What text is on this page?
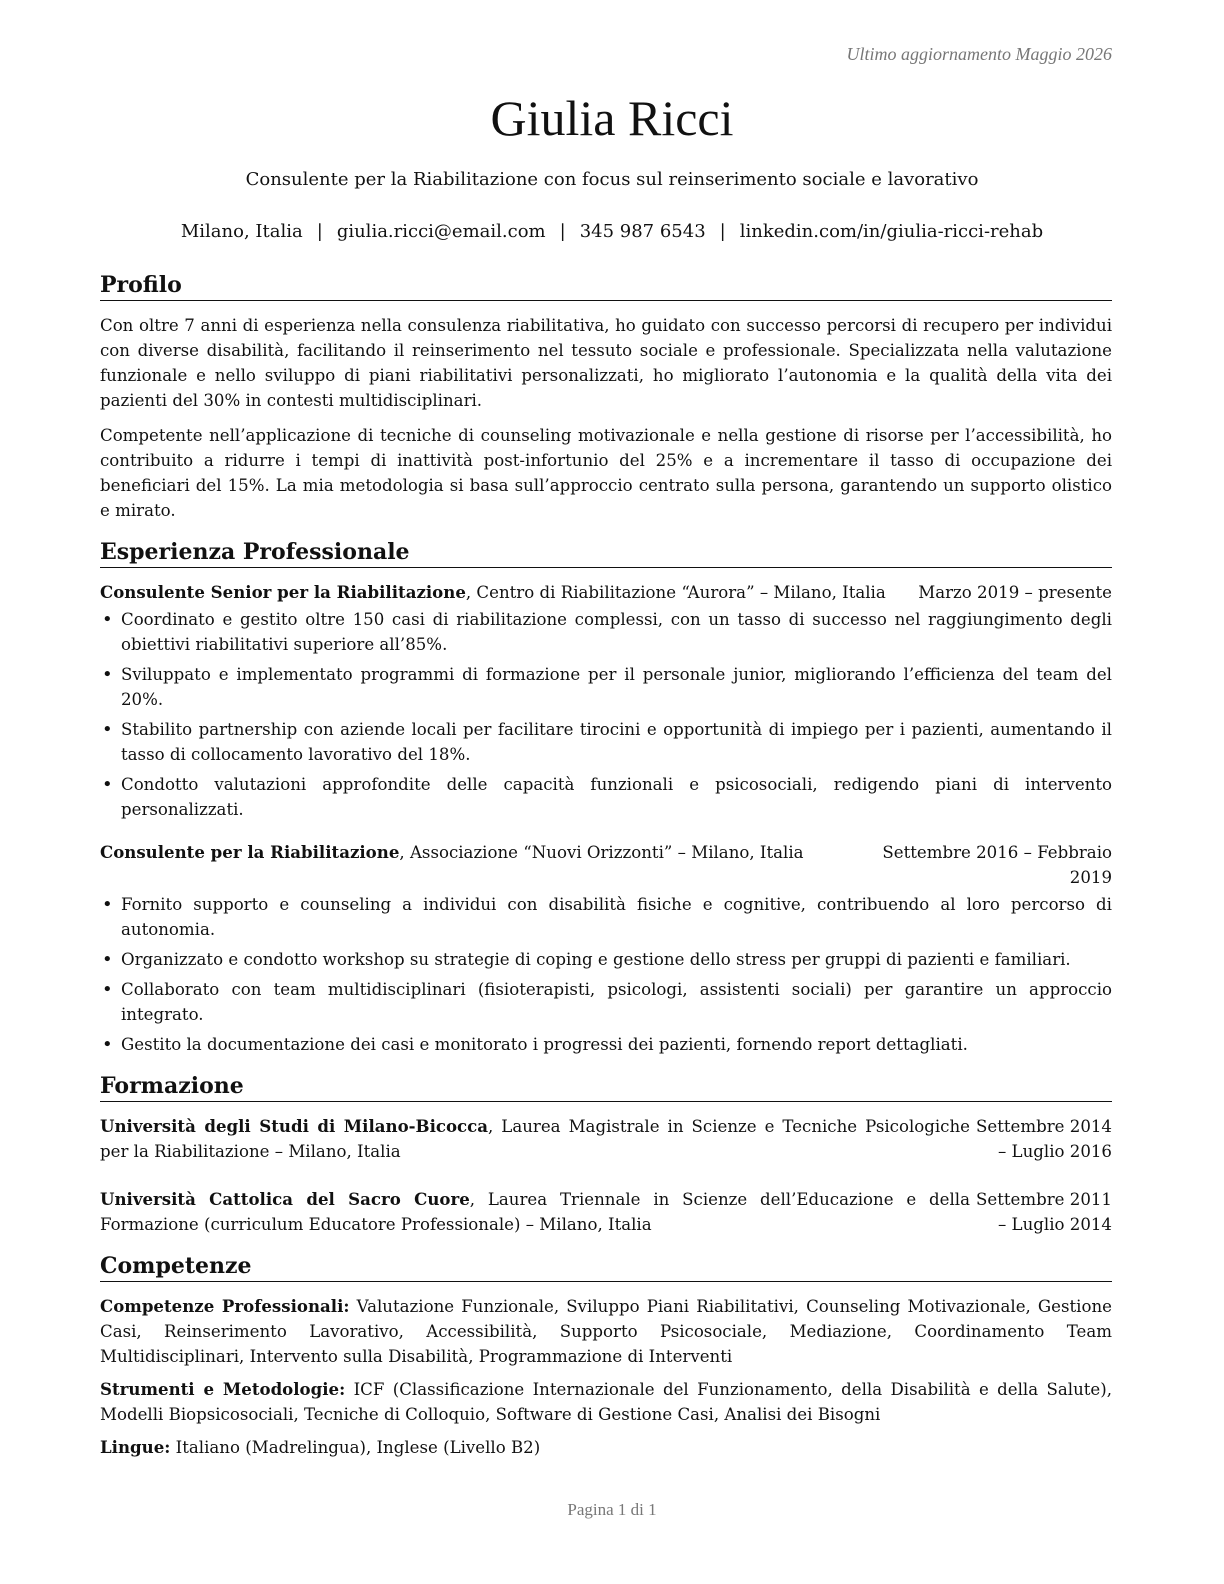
Ultimo aggiornamento Maggio 2026
Giulia Ricci
Consulente per la Riabilitazione con focus sul reinserimento sociale e lavorativo
Milano, Italia | giulia.ricci@email.com | 345 987 6543 | linkedin.com/in/giulia-ricci-rehab
Profilo

Con oltre 7 anni di esperienza nella consulenza riabilitativa, ho guidato con successo percorsi di recupero per individui con diverse disabilità, facilitando il reinserimento nel tessuto sociale e professionale. Specializzata nella valutazione funzionale e nello sviluppo di piani riabilitativi personalizzati, ho migliorato l’autonomia e la qualità della vita dei pazienti del 30% in contesti multidisciplinari.

Competente nell’applicazione di tecniche di counseling motivazionale e nella gestione di risorse per l’accessibilità, ho contribuito a ridurre i tempi di inattività post-infortunio del 25% e a incrementare il tasso di occupazione dei beneficiari del 15%. La mia metodologia si basa sull’approccio centrato sulla persona, garantendo un supporto olistico e mirato.

Esperienza Professionale
Consulente Senior per la Riabilitazione, Centro di Riabilitazione “Aurora” – Milano, Italia	Marzo 2019 – presente
• Coordinato e gestito oltre 150 casi di riabilitazione complessi, con un tasso di successo nel raggiungimento degli obiettivi riabilitativi superiore all’85%.
• Sviluppato e implementato programmi di formazione per il personale junior, migliorando l’efficienza del team del 20%.
• Stabilito partnership con aziende locali per facilitare tirocini e opportunità di impiego per i pazienti, aumentando il tasso di collocamento lavorativo del 18%.
• Condotto valutazioni approfondite delle capacità funzionali e psicosociali, redigendo piani di intervento personalizzati.
Consulente per la Riabilitazione, Associazione “Nuovi Orizzonti” – Milano, Italia	Settembre 2016 – Febbraio 2019
• Fornito supporto e counseling a individui con disabilità fisiche e cognitive, contribuendo al loro percorso di autonomia.
• Organizzato e condotto workshop su strategie di coping e gestione dello stress per gruppi di pazienti e familiari.
• Collaborato con team multidisciplinari (fisioterapisti, psicologi, assistenti sociali) per garantire un approccio integrato.
• Gestito la documentazione dei casi e monitorato i progressi dei pazienti, fornendo report dettagliati.
Formazione
Università degli Studi di Milano-Bicocca, Laurea Magistrale in Scienze e Tecniche Psicologiche per la Riabilitazione – Milano, Italia
Settembre 2014 – Luglio 2016
Università Cattolica del Sacro Cuore, Laurea Triennale in Scienze dell’Educazione e della Formazione (curriculum Educatore Professionale) – Milano, Italia
Settembre 2011 – Luglio 2014
Competenze

Competenze Professionali: Valutazione Funzionale, Sviluppo Piani Riabilitativi, Counseling Motivazionale, Gestione Casi, Reinserimento Lavorativo, Accessibilità, Supporto Psicosociale, Mediazione, Coordinamento Team Multidisciplinari, Intervento sulla Disabilità, Programmazione di Interventi

Strumenti e Metodologie: ICF (Classificazione Internazionale del Funzionamento, della Disabilità e della Salute), Modelli Biopsicosociali, Tecniche di Colloquio, Software di Gestione Casi, Analisi dei Bisogni

Lingue: Italiano (Madrelingua), Inglese (Livello B2)

Pagina 1 di 1
